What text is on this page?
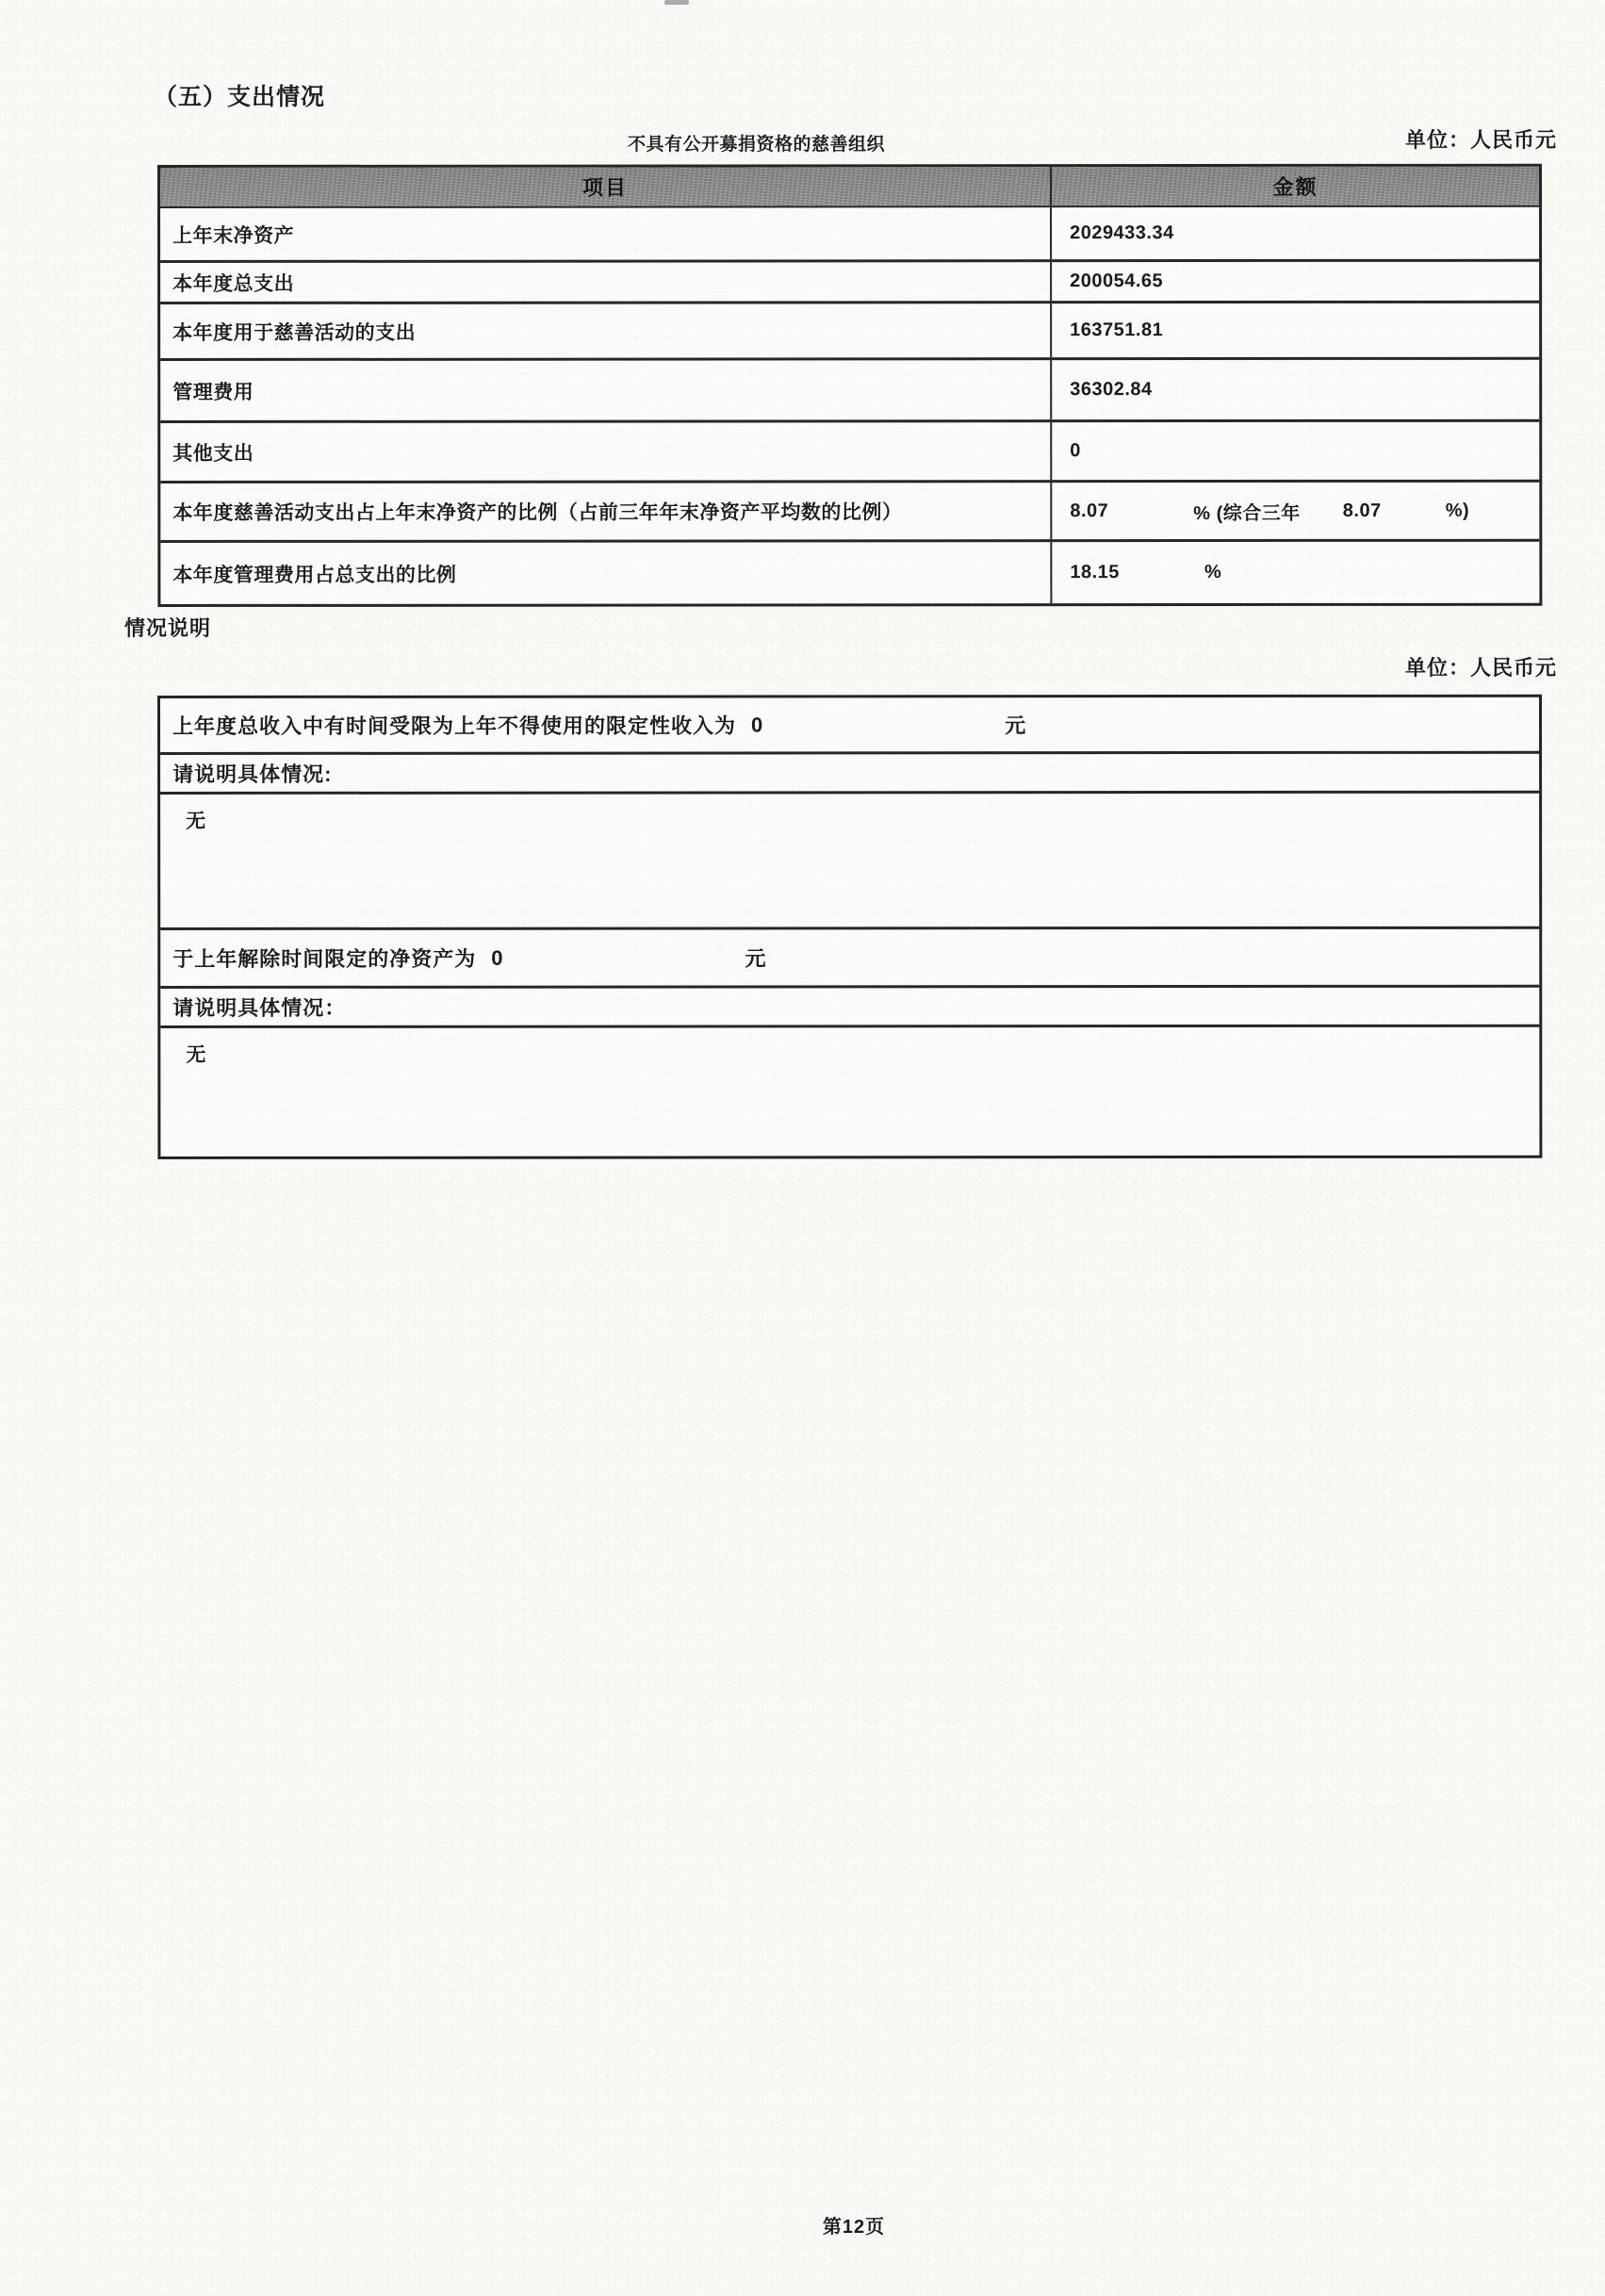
（五）支出情况
不具有公开募捐资格的慈善组织	单位：人民币元
项目	金额
上年末净资产	2029433.34
本年度总支出	200054.65
本年度用于慈善活动的支出	163751.81
管理费用	36302.84
其他支出	0
本年度慈善活动支出占上年末净资产的比例（占前三年年末净资产平均数的比例）	8.07	% (综合三年 8.07	%)
本年度管理费用占总支出的比例	18.15	%
情况说明
单位：人民币元
上年度总收入中有时间受限为上年不得使用的限定性收入为 0	元
请说明具体情况:
无
于上年解除时间限定的净资产为 0	元
请说明具体情况：
无
第12页
